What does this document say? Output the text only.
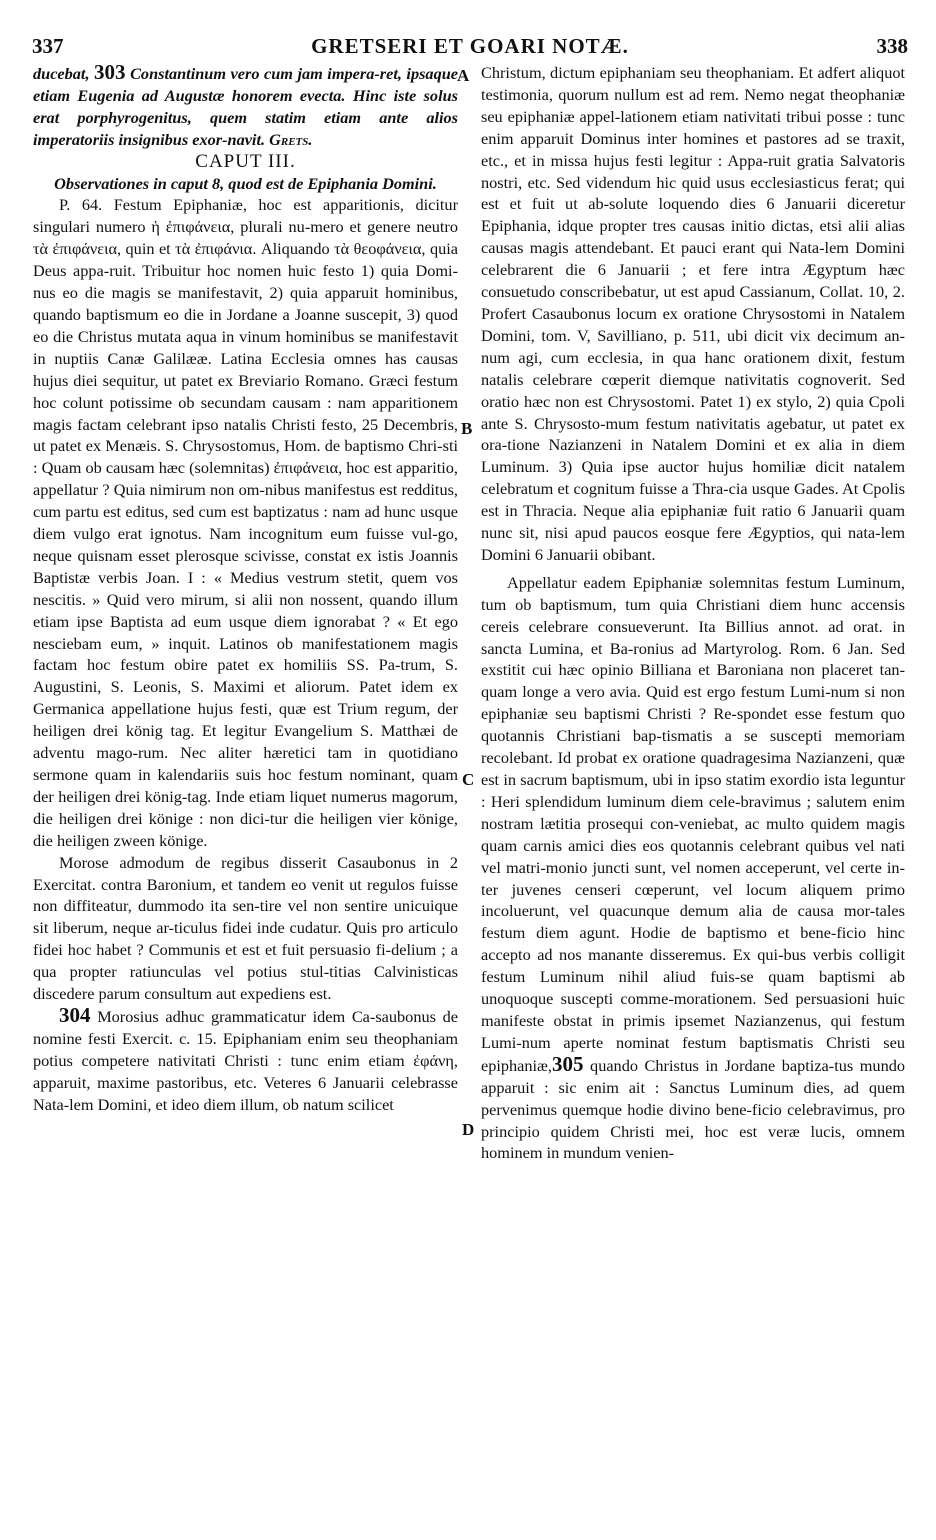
337	GRETSERI ET GOARI NOTÆ.	338

ducebat, 303 Constantinum vero cum jam impera-ret, ipsaque etiam Eugenia ad Augustæ honorem evecta. Hinc iste solus erat porphyrogenitus, quem statim etiam ante alios imperatoriis insignibus exor-navit. Grets.

CAPUT III.

Observationes in caput 8, quod est de Epiphania Domini.

P. 64. Festum Epiphaniæ, hoc est apparitionis, dicitur singulari numero ἡ ἐπιφάνεια, plurali nu-mero et genere neutro τὰ ἐπιφάνεια, quin et τὰ ἐπιφάνια. Aliquando τὰ θεοφάνεια, quia Deus appa-ruit. Tribuitur hoc nomen huic festo 1) quia Domi-nus eo die magis se manifestavit, 2) quia apparuit hominibus, quando baptismum eo die in Jordane a Joanne suscepit, 3) quod eo die Christus mutata aqua in vinum hominibus se manifestavit in nuptiis Canæ Galilææ. Latina Ecclesia omnes has causas hujus diei sequitur, ut patet ex Breviario Romano. Græci festum hoc colunt potissime ob secundam causam : nam apparitionem magis factam celebrant ipso natalis Christi festo, 25 Decembris, ut patet ex Menæis. S. Chrysostomus, Hom. de baptismo Chri-sti : Quam ob causam hæc (solemnitas) ἐπιφάνεια, hoc est apparitio, appellatur ? Quia nimirum non om-nibus manifestus est redditus, cum partu est editus, sed cum est baptizatus : nam ad hunc usque diem vulgo erat ignotus. Nam incognitum eum fuisse vul-go, neque quisnam esset plerosque scivisse, constat ex istis Joannis Baptistæ verbis Joan. I : « Medius vestrum stetit, quem vos nescitis. » Quid vero mirum, si alii non nossent, quando illum etiam ipse Baptista ad eum usque diem ignorabat ? « Et ego nesciebam eum, » inquit. Latinos ob manifestationem magis factam hoc festum obire patet ex homiliis SS. Pa-trum, S. Augustini, S. Leonis, S. Maximi et aliorum. Patet idem ex Germanica appellatione hujus festi, quæ est Trium regum, der heiligen drei könig tag. Et legitur Evangelium S. Matthæi de adventu mago-rum. Nec aliter hæretici tam in quotidiano sermone quam in kalendariis suis hoc festum nominant, quam der heiligen drei könig-tag. Inde etiam liquet numerus magorum, die heiligen drei könige : non dici-tur die heiligen vier könige, die heiligen zween könige.

Morose admodum de regibus disserit Casaubonus in 2 Exercitat. contra Baronium, et tandem eo venit ut regulos fuisse non diffiteatur, dummodo ita sen-tire vel non sentire unicuique sit liberum, neque ar-ticulus fidei inde cudatur. Quis pro articulo fidei hoc habet ? Communis et est et fuit persuasio fi-delium ; a qua propter ratiunculas vel potius stul-titias Calvinisticas discedere parum consultum aut expediens est.

304 Morosius adhuc grammaticatur idem Ca-saubonus de nomine festi Exercit. c. 15. Epiphaniam enim seu theophaniam potius competere nativitati Christi : tunc enim etiam ἐφάνη, apparuit, maxime pastoribus, etc. Veteres 6 Januarii celebrasse Nata-lem Domini, et ideo diem illum, ob natum scilicet

Christum, dictum epiphaniam seu theophaniam. Et adfert aliquot testimonia, quorum nullum est ad rem. Nemo negat theophaniæ seu epiphaniæ appel-lationem etiam nativitati tribui posse : tunc enim apparuit Dominus inter homines et pastores ad se traxit, etc., et in missa hujus festi legitur : Appa-ruit gratia Salvatoris nostri, etc. Sed videndum hic quid usus ecclesiasticus ferat; qui est et fuit ut ab-solute loquendo dies 6 Januarii diceretur Epiphania, idque propter tres causas initio dictas, etsi alii alias causas magis attendebant. Et pauci erant qui Nata-lem Domini celebrarent die 6 Januarii ; et fere intra Ægyptum hæc consuetudo conscribebatur, ut est apud Cassianum, Collat. 10, 2. Profert Casaubonus locum ex oratione Chrysostomi in Natalem Domini, tom. V, Savilliano, p. 511, ubi dicit vix decimum an-num agi, cum ecclesia, in qua hanc orationem dixit, festum natalis celebrare cœperit diemque nativitatis cognoverit. Sed oratio hæc non est Chrysostomi. Patet 1) ex stylo, 2) quia Cpoli ante S. Chrysosto-mum festum nativitatis agebatur, ut patet ex ora-tione Nazianzeni in Natalem Domini et ex alia in diem Luminum. 3) Quia ipse auctor hujus homiliæ dicit natalem celebratum et cognitum fuisse a Thra-cia usque Gades. At Cpolis est in Thracia. Neque alia epiphaniæ fuit ratio 6 Januarii quam nunc sit, nisi apud paucos eosque fere Ægyptios, qui nata-lem Domini 6 Januarii obibant.

Appellatur eadem Epiphaniæ solemnitas festum Luminum, tum ob baptismum, tum quia Christiani diem hunc accensis cereis celebrare consueverunt. Ita Billius annot. ad orat. in sancta Lumina, et Ba-ronius ad Martyrolog. Rom. 6 Jan. Sed exstitit cui hæc opinio Billiana et Baroniana non placeret tan-quam longe a vero avia. Quid est ergo festum Lumi-num si non epiphaniæ seu baptismi Christi ? Re-spondet esse festum quo quotannis Christiani bap-tismatis a se suscepti memoriam recolebant. Id probat ex oratione quadragesima Nazianzeni, quæ est in sacrum baptismum, ubi in ipso statim exordio ista leguntur : Heri splendidum luminum diem cele-bravimus ; salutem enim nostram lætitia prosequi con-veniebat, ac multo quidem magis quam carnis amici dies eos quotannis celebrant quibus vel nati vel matri-monio juncti sunt, vel nomen acceperunt, vel certe in-ter juvenes censeri cœperunt, vel locum aliquem primo incoluerunt, vel quacunque demum alia de causa mor-tales festum diem agunt. Hodie de baptismo et bene-ficio hinc accepto ad nos manante disseremus. Ex qui-bus verbis colligit festum Luminum nihil aliud fuis-se quam baptismi ab unoquoque suscepti comme-morationem. Sed persuasioni huic manifeste obstat in primis ipsemet Nazianzenus, qui festum Lumi-num aperte nominat festum baptismatis Christi seu epiphaniæ,305 quando Christus in Jordane baptiza-tus mundo apparuit : sic enim ait : Sanctus Luminum dies, ad quem pervenimus quemque hodie divino bene-ficio celebravimus, pro principio quidem Christi mei, hoc est veræ lucis, omnem hominem in mundum venien-

A
B
C
D
